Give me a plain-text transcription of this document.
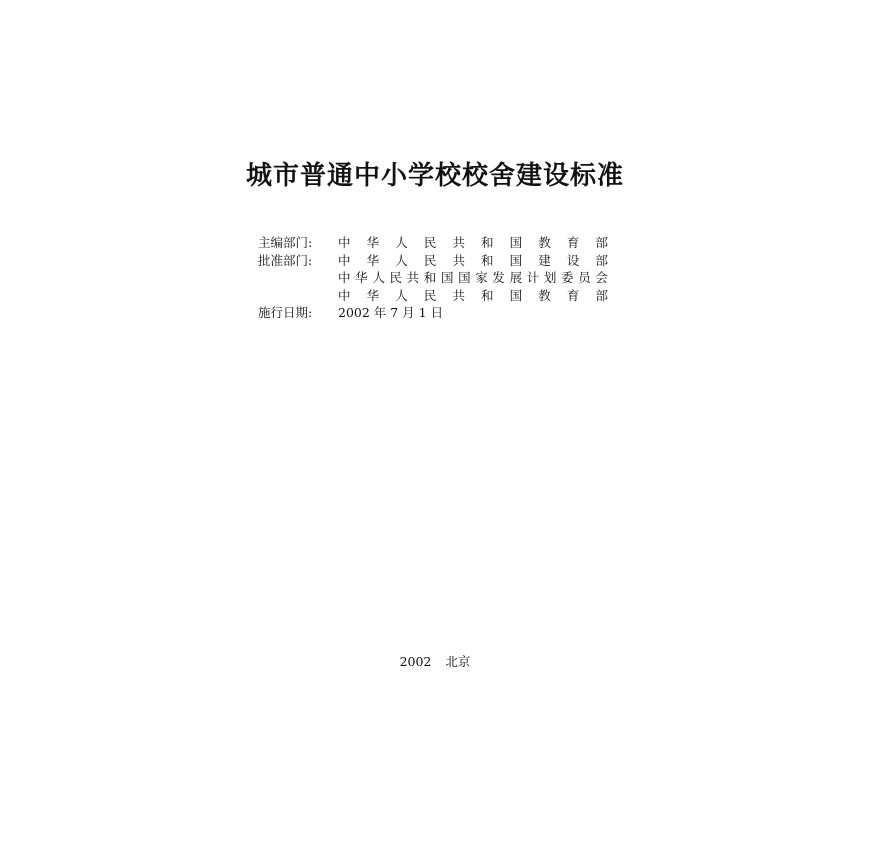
城市普通中小学校校舍建设标准
主编部门:	中 华 人 民 共 和 国 教 育 部
批准部门:	中 华 人 民 共 和 国 建 设 部
中 华 人 民 共 和 国 国 家 发 展 计 划 委 员 会
中 华 人 民 共 和 国 教 育 部
施行日期:	2002 年 7 月 1 日
2002 北京
